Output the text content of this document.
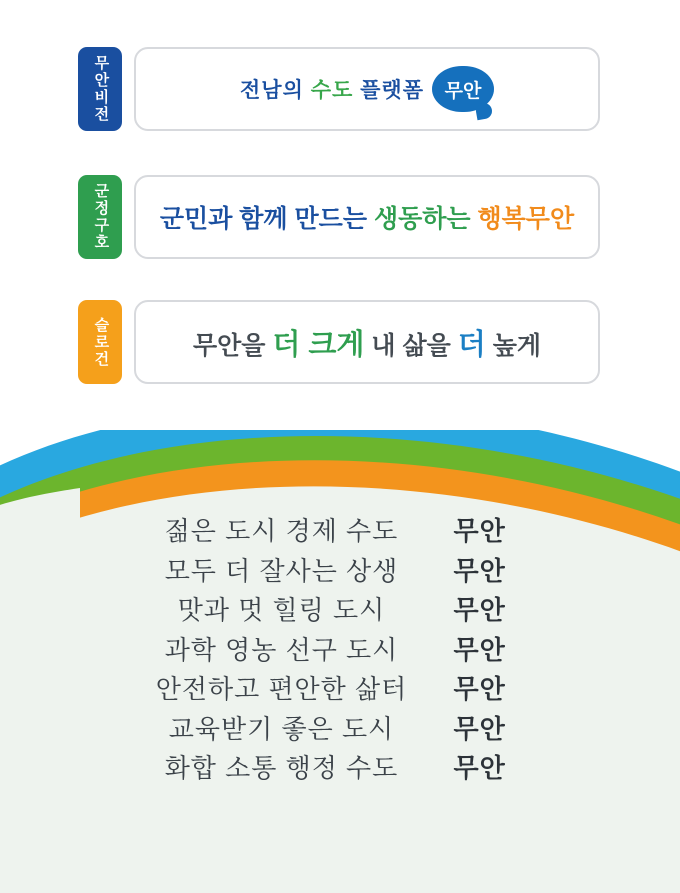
무안비전	전남의 수도 플랫폼 무안
군정구호 군민과 함께 만드는 생동하는 행복무안
슬로건	무안을 더 크게 내 삶을 더 높게
젊은 도시 경제 수도 무안
모두 더 잘사는 상생 무안
맛과 멋 힐링 도시	무안
과학 영농 선구 도시 무안
안전하고 편안한 삶터 무안
교육받기 좋은 도시 무안
화합 소통 행정 수도 무안
